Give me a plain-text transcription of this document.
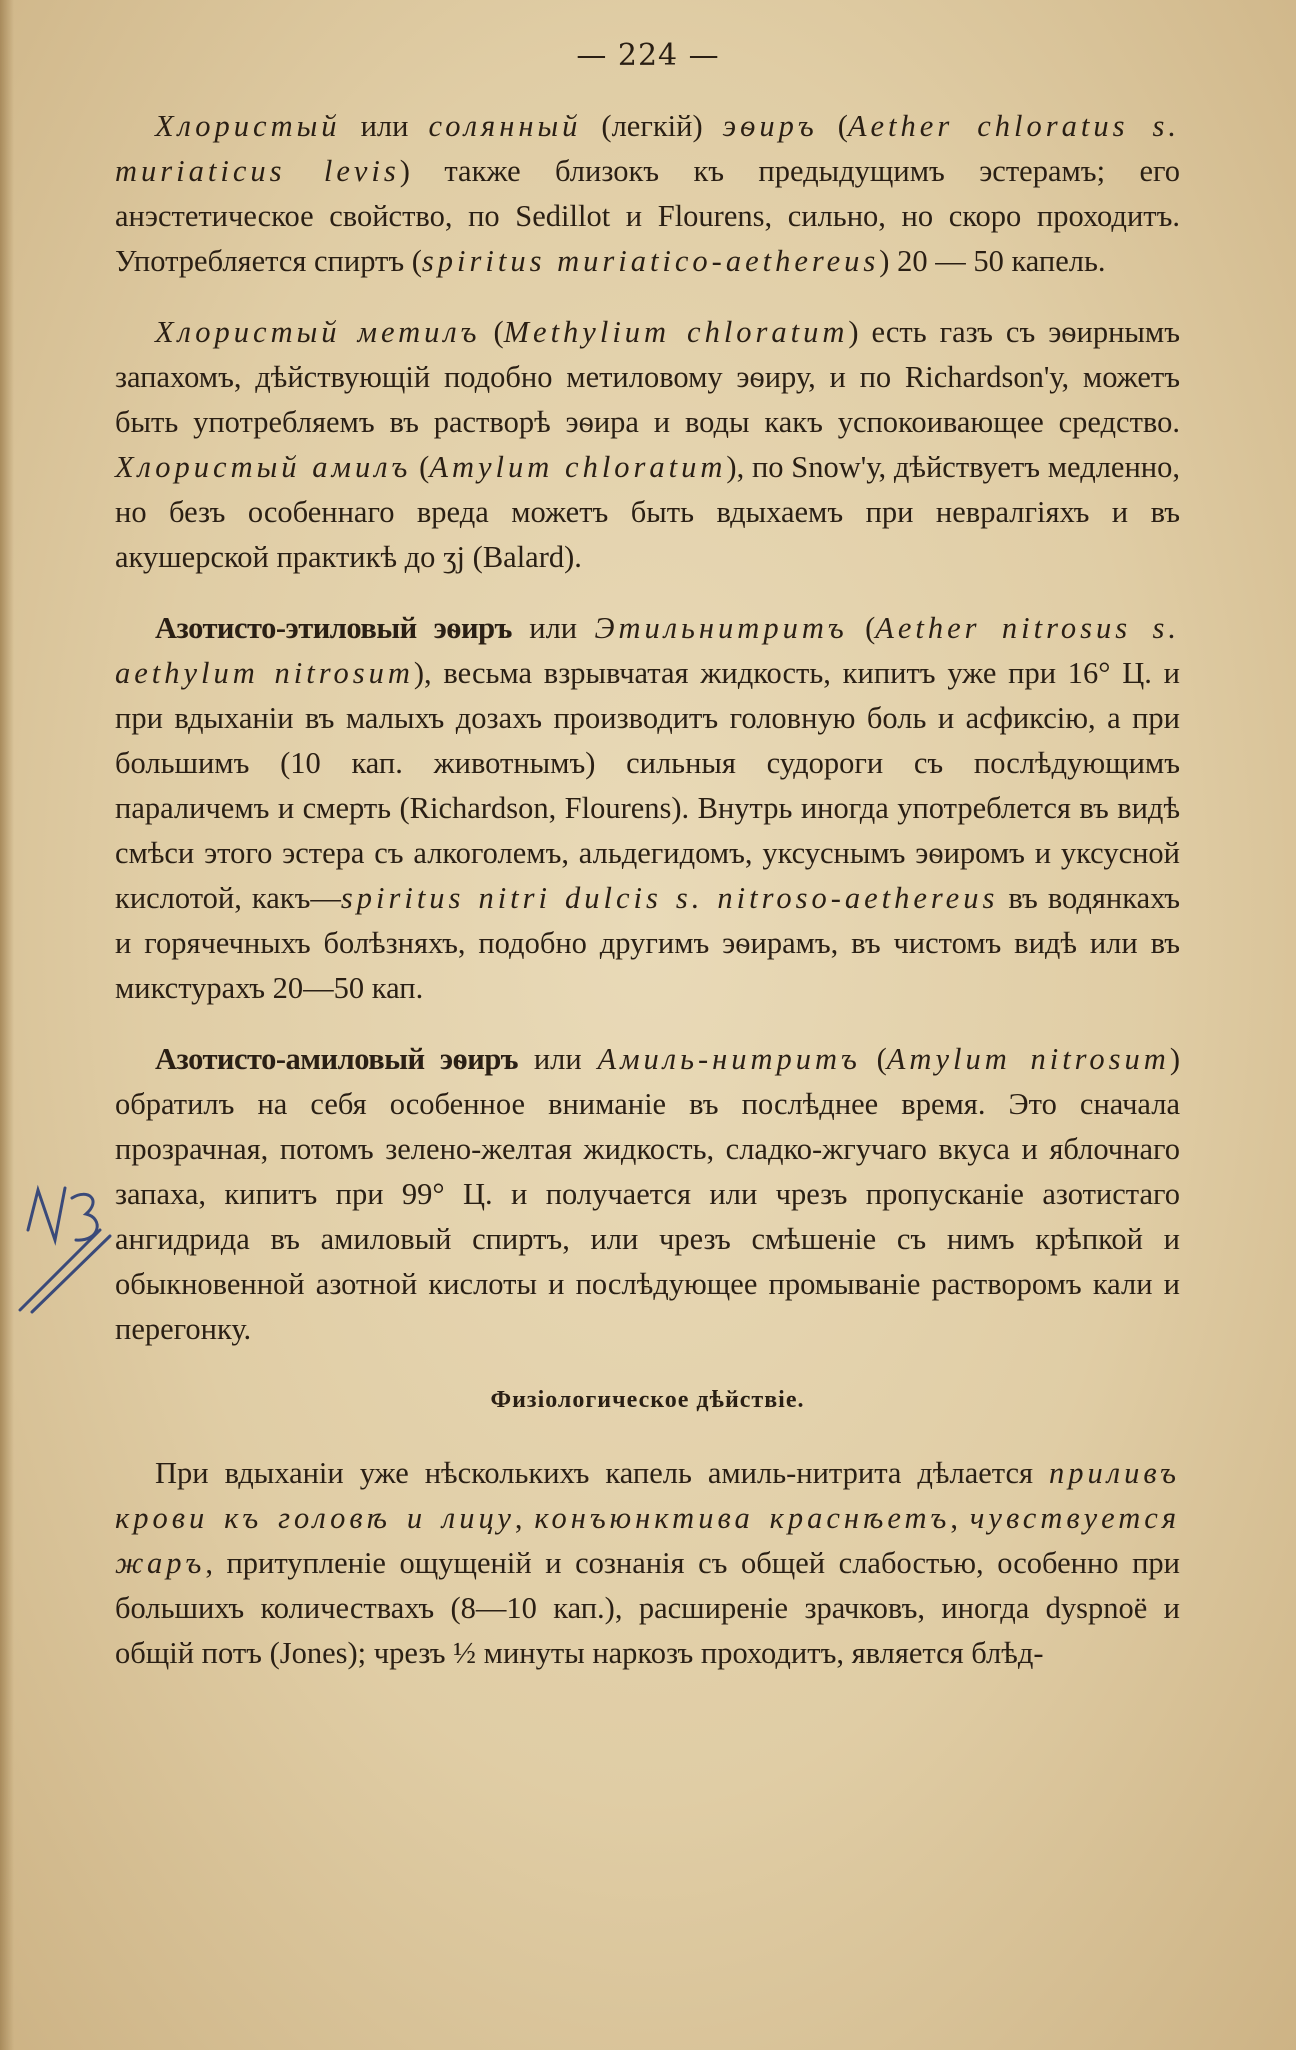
— 224 —

Хлористый или солянный (легкiй) эѳиръ (Aether chloratus s. muriaticus levis) также близокъ къ предыдущимъ эстерамъ; его анэстетическое свойство, по Sedillot и Flourens, сильно, но скоро проходитъ. Употребляется спиртъ (spiritus muriatico-aethereus) 20 — 50 капель.

Хлористый метилъ (Methylium chloratum) есть газъ съ эѳирнымъ запахомъ, дѣйствующiй подобно метиловому эѳиру, и по Richardson'у, можетъ быть употребляемъ въ растворѣ эѳира и воды какъ успокоивающее средство. Хлористый амилъ (Amylum chloratum), по Snow'у, дѣйствуетъ медленно, но безъ особеннаго вреда можетъ быть вдыхаемъ при невралгiяхъ и въ акушерской практикѣ до ʒj (Balard).

Азотисто-этиловый эѳиръ или Этильнитритъ (Aether nitrosus s. aethylum nitrosum), весьма взрывчатая жидкость, кипитъ уже при 16° Ц. и при вдыханiи въ малыхъ дозахъ производитъ головную боль и асфиксiю, а при большимъ (10 кап. животнымъ) сильныя судороги съ послѣдующимъ параличемъ и смерть (Richardson, Flourens). Внутрь иногда употреблется въ видѣ смѣси этого эстера съ алкоголемъ, альдегидомъ, уксуснымъ эѳиромъ и уксусной кислотой, какъ—spiritus nitri dulcis s. nitroso-aethereus въ водянкахъ и горячечныхъ болѣзняхъ, подобно другимъ эѳирамъ, въ чистомъ видѣ или въ микстурахъ 20—50 кап.

Азотисто-амиловый эѳиръ или Амиль-нитритъ (Amylum nitrosum) обратилъ на себя особенное вниманiе въ послѣднее время. Это сначала прозрачная, потомъ зелено-желтая жидкость, сладко-жгучаго вкуса и яблочнаго запаха, кипитъ при 99° Ц. и получается или чрезъ пропусканiе азотистаго ангидрида въ амиловый спиртъ, или чрезъ смѣшенiе съ нимъ крѣпкой и обыкновенной азотной кислоты и послѣдующее промыванiе растворомъ кали и перегонку.

Физiологическое дѣйствiе.

При вдыханiи уже нѣсколькихъ капель амиль-нитрита дѣлается приливъ крови къ головѣ и лицу, конъюнктива краснѣетъ, чувствуется жаръ, притупленiе ощущенiй и сознанiя съ общей слабостью, особенно при большихъ количествахъ (8—10 кап.), расширенiе зрачковъ, иногда dyspnoë и общiй потъ (Jones); чрезъ ½ минуты наркозъ проходитъ, является блѣд-
